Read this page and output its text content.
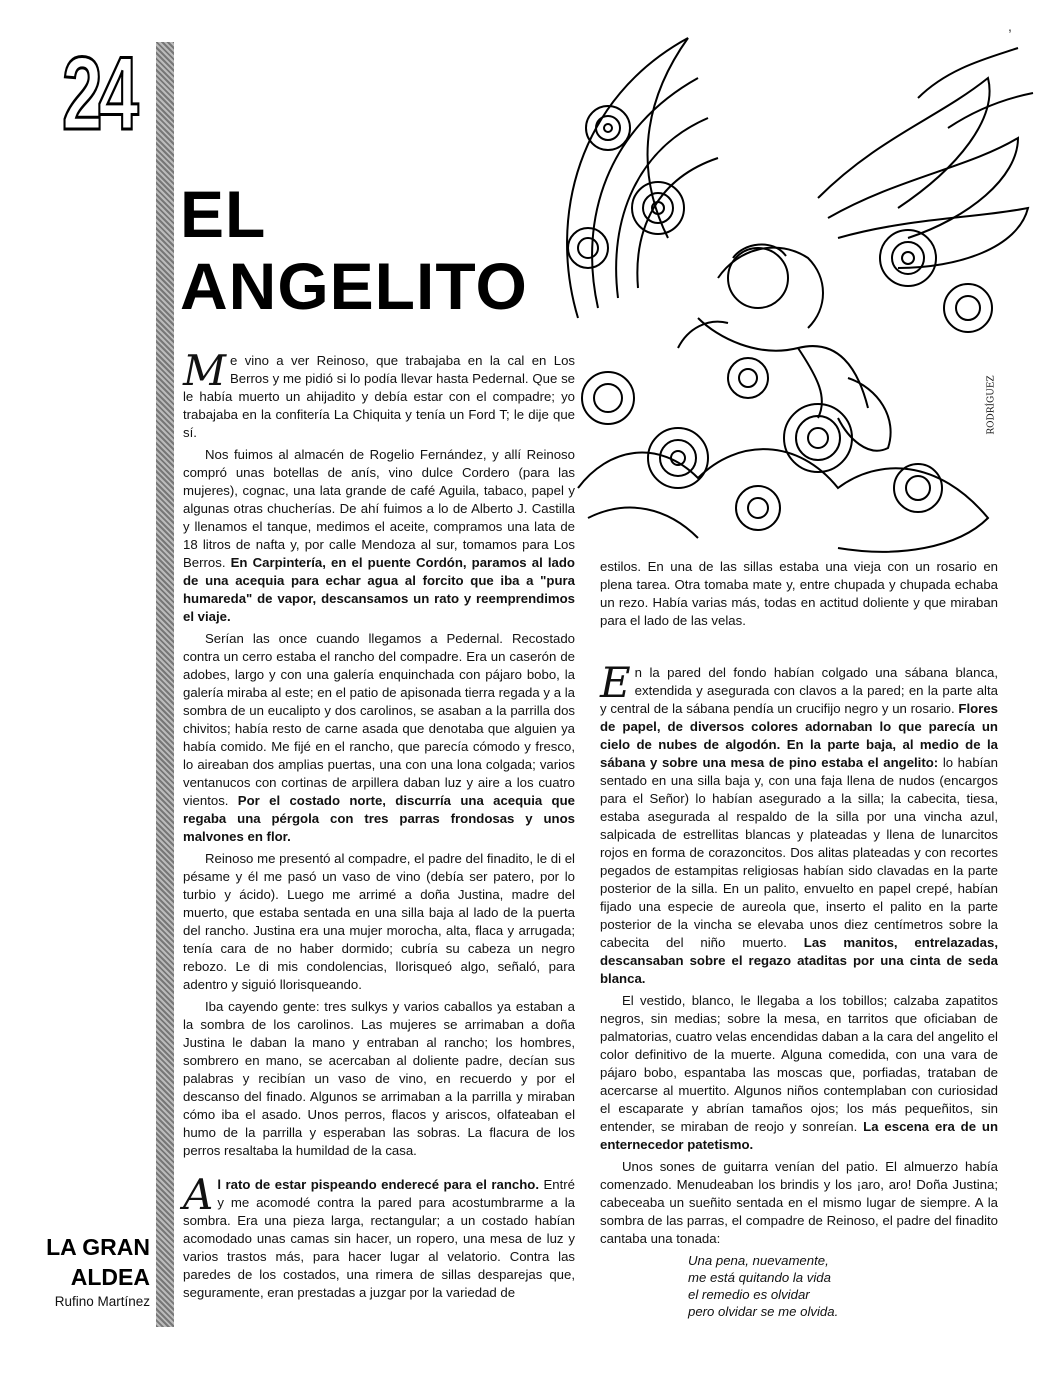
24
,
EL
ANGELITO
RODRÍGUEZ

Me vino a ver Reinoso, que trabajaba en la cal en Los Berros y me pidió si lo podía llevar hasta Pedernal. Que se le había muerto un ahijadito y debía estar con el compadre; yo trabajaba en la confitería La Chiquita y tenía un Ford T; le dije que sí.

Nos fuimos al almacén de Rogelio Fernández, y allí Reinoso compró unas botellas de anís, vino dulce Cordero (para las mujeres), cognac, una lata grande de café Aguila, tabaco, papel y algunas otras chucherías. De ahí fuimos a lo de Alberto J. Castilla y llenamos el tanque, medimos el aceite, compramos una lata de 18 litros de nafta y, por calle Mendoza al sur, tomamos para Los Berros. En Carpintería, en el puente Cordón, paramos al lado de una acequia para echar agua al forcito que iba a "pura humareda" de vapor, descansamos un rato y reemprendimos el viaje.

Serían las once cuando llegamos a Pedernal. Recostado contra un cerro estaba el rancho del compadre. Era un caserón de adobes, largo y con una galería enquinchada con pájaro bobo, la galería miraba al este; en el patio de apisonada tierra regada y a la sombra de un eucalipto y dos carolinos, se asaban a la parrilla dos chivitos; había resto de carne asada que denotaba que alguien ya había comido. Me fijé en el rancho, que parecía cómodo y fresco, lo aireaban dos amplias puertas, una con una lona colgada; varios ventanucos con cortinas de arpillera daban luz y aire a los cuatro vientos. Por el costado norte, discurría una acequia que regaba una pérgola con tres parras frondosas y unos malvones en flor.

Reinoso me presentó al compadre, el padre del finadito, le di el pésame y él me pasó un vaso de vino (debía ser patero, por lo turbio y ácido). Luego me arrimé a doña Justina, madre del muerto, que estaba sentada en una silla baja al lado de la puerta del rancho. Justina era una mujer morocha, alta, flaca y arrugada; tenía cara de no haber dormido; cubría su cabeza un negro rebozo. Le di mis condolencias, llorisqueó algo, señaló, para adentro y siguió llorisqueando.

Iba cayendo gente: tres sulkys y varios caballos ya estaban a la sombra de los carolinos. Las mujeres se arrimaban a doña Justina le daban la mano y entraban al rancho; los hombres, sombrero en mano, se acercaban al doliente padre, decían sus palabras y recibían un vaso de vino, en recuerdo y por el descanso del finado. Algunos se arrimaban a la parrilla y miraban cómo iba el asado. Unos perros, flacos y ariscos, olfateaban el humo de la parrilla y esperaban las sobras. La flacura de los perros resaltaba la humildad de la casa.

Al rato de estar pispeando enderecé para el rancho. Entré y me acomodé contra la pared para acostumbrarme a la sombra. Era una pieza larga, rectangular; a un costado habían acomodado unas camas sin hacer, un ropero, una mesa de luz y varios trastos más, para hacer lugar al velatorio. Contra las paredes de los costados, una rimera de sillas desparejas que, seguramente, eran prestadas a juzgar por la variedad de

estilos. En una de las sillas estaba una vieja con un rosario en plena tarea. Otra tomaba mate y, entre chupada y chupada echaba un rezo. Había varias más, todas en actitud doliente y que miraban para el lado de las velas.

En la pared del fondo habían colgado una sábana blanca, extendida y asegurada con clavos a la pared; en la parte alta y central de la sábana pendía un crucifijo negro y un rosario. Flores de papel, de diversos colores adornaban lo que parecía un cielo de nubes de algodón. En la parte baja, al medio de la sábana y sobre una mesa de pino estaba el angelito: lo habían sentado en una silla baja y, con una faja llena de nudos (encargos para el Señor) lo habían asegurado a la silla; la cabecita, tiesa, estaba asegurada al respaldo de la silla por una vincha azul, salpicada de estrellitas blancas y plateadas y llena de lunarcitos rojos en forma de corazoncitos. Dos alitas plateadas y con recortes pegados de estampitas religiosas habían sido clavadas en la parte posterior de la silla. En un palito, envuelto en papel crepé, habían fijado una especie de aureola que, inserto el palito en la parte posterior de la vincha se elevaba unos diez centímetros sobre la cabecita del niño muerto. Las manitos, entrelazadas, descansaban sobre el regazo ataditas por una cinta de seda blanca.

El vestido, blanco, le llegaba a los tobillos; calzaba zapatitos negros, sin medias; sobre la mesa, en tarritos que oficiaban de palmatorias, cuatro velas encendidas daban a la cara del angelito el color definitivo de la muerte. Alguna comedida, con una vara de pájaro bobo, espantaba las moscas que, porfiadas, trataban de acercarse al muertito. Algunos niños contemplaban con curiosidad el escaparate y abrían tamaños ojos; los más pequeñitos, sin entender, se miraban de reojo y sonreían. La escena era de un enternecedor patetismo.

Unos sones de guitarra venían del patio. El almuerzo había comenzado. Menudeaban los brindis y los ¡aro, aro! Doña Justina; cabeceaba un sueñito sentada en el mismo lugar de siempre. A la sombra de las parras, el compadre de Reinoso, el padre del finadito cantaba una tonada:

Una pena, nuevamente,
me está quitando la vida
el remedio es olvidar
pero olvidar se me olvida.
LA GRAN
ALDEA
Rufino Martínez
